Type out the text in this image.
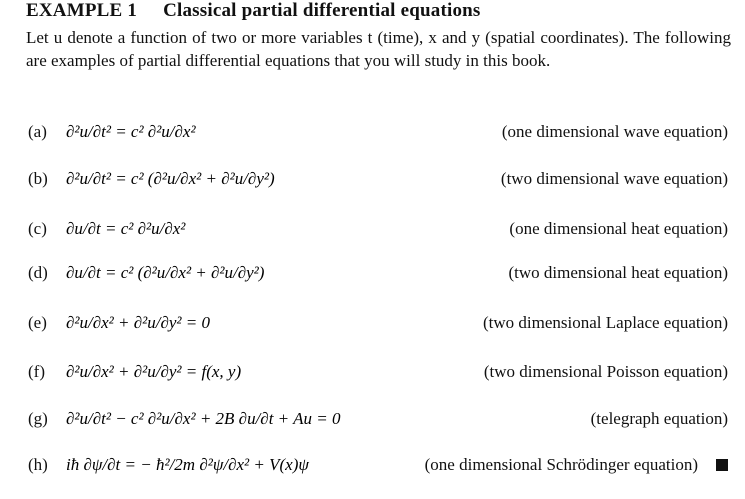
EXAMPLE 1 Classical partial differential equations
Let u denote a function of two or more variables t (time), x and y (spatial coordinates). The following are examples of partial differential equations that you will study in this book.
(a) ∂²u/∂t² = c² ∂²u/∂x²	(one dimensional wave equation)
(b) ∂²u/∂t² = c² (∂²u/∂x² + ∂²u/∂y²)	(two dimensional wave equation)
(c) ∂u/∂t = c² ∂²u/∂x²	(one dimensional heat equation)
(d) ∂u/∂t = c² (∂²u/∂x² + ∂²u/∂y²)	(two dimensional heat equation)
(e) ∂²u/∂x² + ∂²u/∂y² = 0	(two dimensional Laplace equation)
(f) ∂²u/∂x² + ∂²u/∂y² = f(x, y)	(two dimensional Poisson equation)
(g) ∂²u/∂t² − c² ∂²u/∂x² + 2B ∂u/∂t + Au = 0	(telegraph equation)
(h) iħ ∂ψ/∂t = − ħ²/2m ∂²ψ/∂x² + V(x)ψ	(one dimensional Schrödinger equation)
